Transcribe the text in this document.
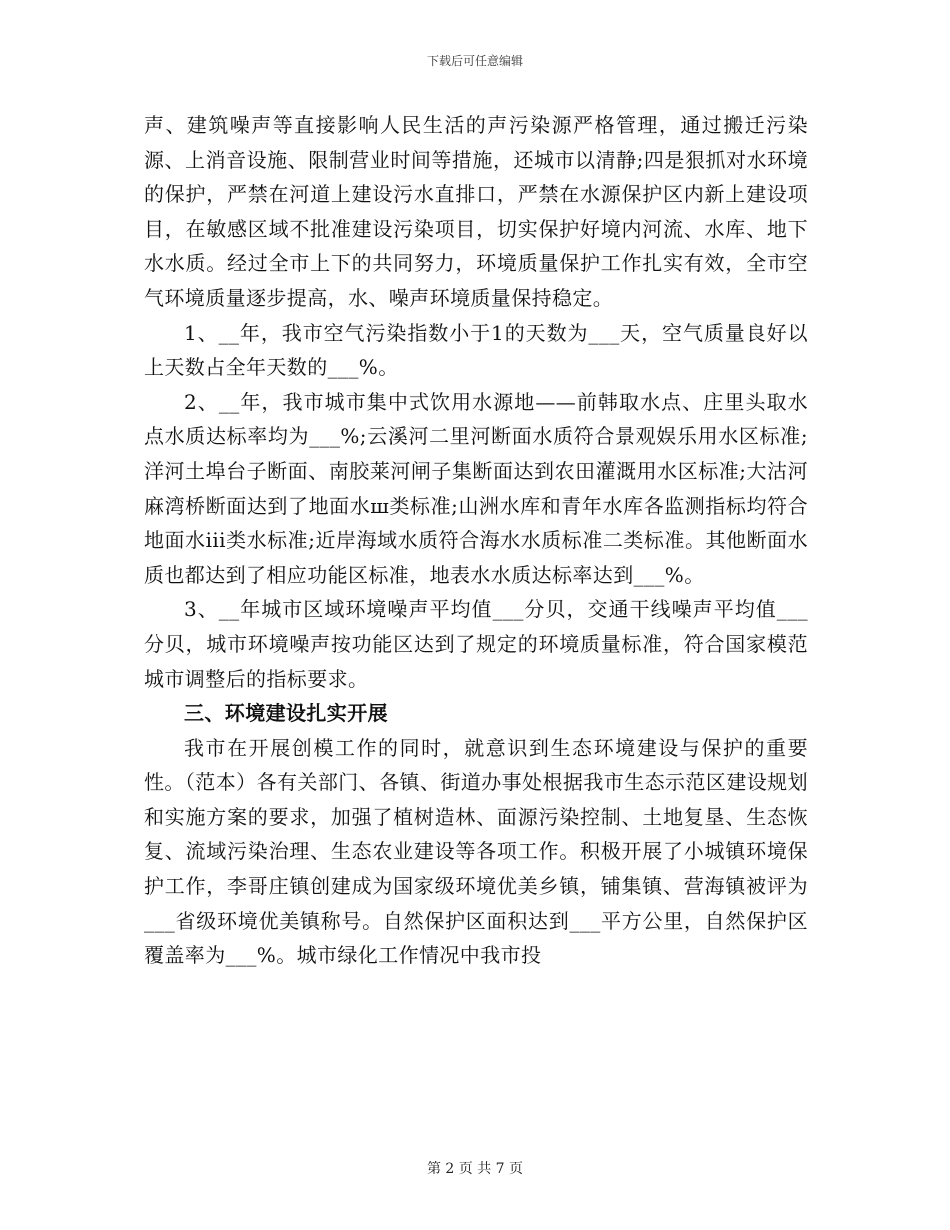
下载后可任意编辑

声、建筑噪声等直接影响人民生活的声污染源严格管理，通过搬迁污染源、上消音设施、限制营业时间等措施，还城市以清静;四是狠抓对水环境的保护，严禁在河道上建设污水直排口，严禁在水源保护区内新上建设项目，在敏感区域不批准建设污染项目，切实保护好境内河流、水库、地下水水质。经过全市上下的共同努力，环境质量保护工作扎实有效，全市空气环境质量逐步提高，水、噪声环境质量保持稳定。

1、__年，我市空气污染指数小于1的天数为___天，空气质量良好以上天数占全年天数的___%。

2、__年，我市城市集中式饮用水源地——前韩取水点、庄里头取水点水质达标率均为___%;云溪河二里河断面水质符合景观娱乐用水区标准;洋河土埠台子断面、南胶莱河闸子集断面达到农田灌溉用水区标准;大沽河麻湾桥断面达到了地面水ш类标准;山洲水库和青年水库各监测指标均符合地面水iii类水标准;近岸海域水质符合海水水质标准二类标准。其他断面水质也都达到了相应功能区标准，地表水水质达标率达到___%。

3、__年城市区域环境噪声平均值___分贝，交通干线噪声平均值___分贝，城市环境噪声按功能区达到了规定的环境质量标准，符合国家模范城市调整后的指标要求。

三、环境建设扎实开展

我市在开展创模工作的同时，就意识到生态环境建设与保护的重要性。（范本）各有关部门、各镇、街道办事处根据我市生态示范区建设规划和实施方案的要求，加强了植树造林、面源污染控制、土地复垦、生态恢复、流域污染治理、生态农业建设等各项工作。积极开展了小城镇环境保护工作，李哥庄镇创建成为国家级环境优美乡镇，铺集镇、营海镇被评为___省级环境优美镇称号。自然保护区面积达到___平方公里，自然保护区覆盖率为___%。城市绿化工作情况中我市投

第 2 页 共 7 页
